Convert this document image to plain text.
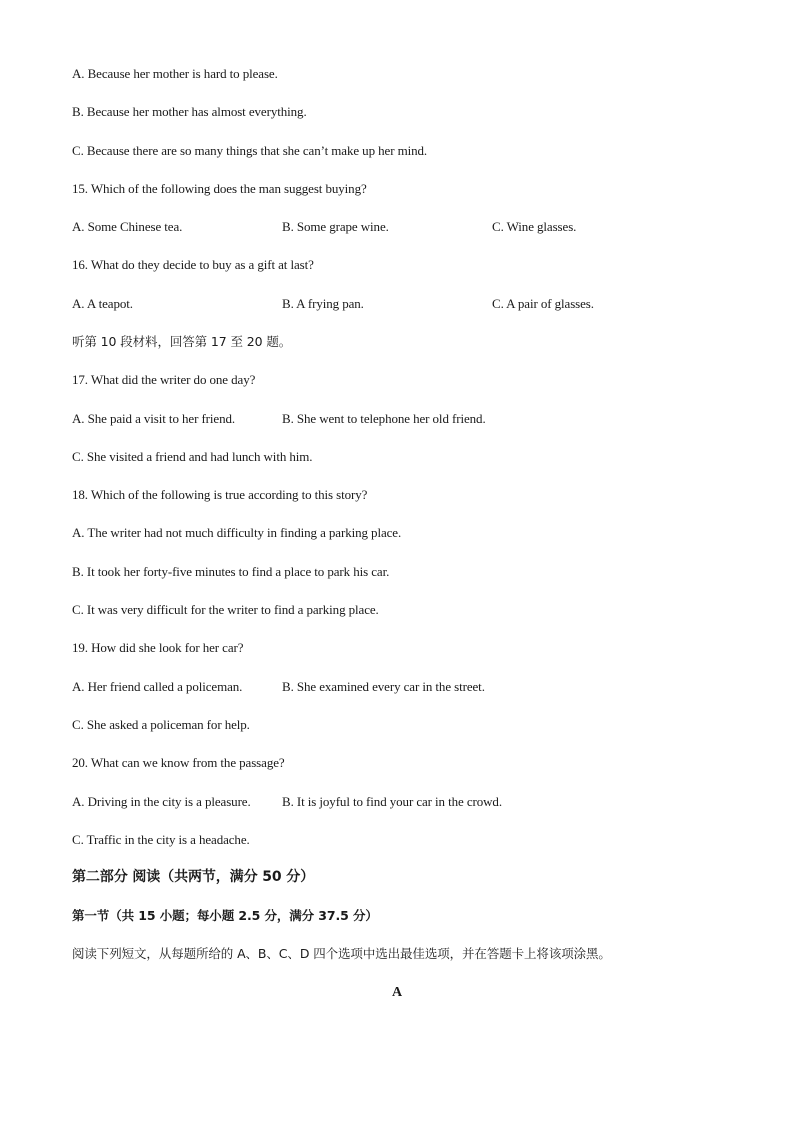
A. Because her mother is hard to please.
B. Because her mother has almost everything.
C. Because there are so many things that she can’t make up her mind.
15. Which of the following does the man suggest buying?
A. Some Chinese tea.	B. Some grape wine.	C. Wine glasses.
16. What do they decide to buy as a gift at last?
A. A teapot.	B. A frying pan.	C. A pair of glasses.
听第 10 段材料，回答第 17 至 20 题。
17. What did the writer do one day?
A. She paid a visit to her friend.	B. She went to telephone her old friend.
C. She visited a friend and had lunch with him.
18. Which of the following is true according to this story?
A. The writer had not much difficulty in finding a parking place.
B. It took her forty-five minutes to find a place to park his car.
C. It was very difficult for the writer to find a parking place.
19. How did she look for her car?
A. Her friend called a policeman.	B. She examined every car in the street.
C. She asked a policeman for help.
20. What can we know from the passage?
A. Driving in the city is a pleasure. B. It is joyful to find your car in the crowd.
C. Traffic in the city is a headache.
第二部分 阅读（共两节，满分 50 分）
第一节（共 15 小题；每小题 2.5 分，满分 37.5 分）
阅读下列短文，从每题所给的 A、B、C、D 四个选项中选出最佳选项，并在答题卡上将该项涂黑。
A
